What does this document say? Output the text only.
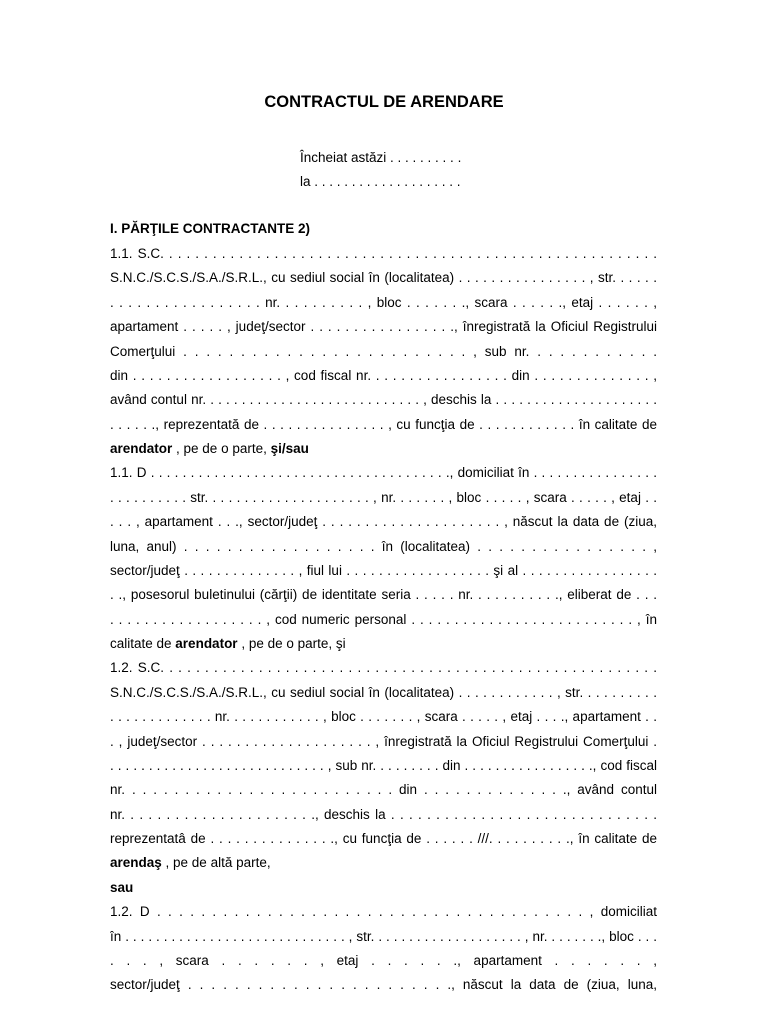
CONTRACTUL DE ARENDARE
Încheiat astăzi . . . . . . . . . .
la . . . . . . . . . . . . . . . . . . . .
I. PĂRŢILE CONTRACTANTE 2)
1.1. S.C. . . . . . . . . . . . . . . . . . . . . . . . . . . . . . . . . . . . . . . . . . . . . . . . . . . . . . . . .
S.N.C./S.C.S./S.A./S.R.L., cu sediul social în (localitatea) . . . . . . . . . . . . . . . . , str. . . . . .
. . . . . . . . . . . . . . . . . nr. . . . . . . . . . , bloc . . . . . . ., scara . . . . . ., etaj . . . . . . ,
apartament . . . . . , judeţ/sector . . . . . . . . . . . . . . . . ., înregistrată la Oficiul Registrului
Comerţului . . . . . . . . . . . . . . . . . . . . . . . . . , sub nr. . . . . . . . . . . .
din . . . . . . . . . . . . . . . . . . , cod fiscal nr. . . . . . . . . . . . . . . . . din . . . . . . . . . . . . . . ,
având contul nr. . . . . . . . . . . . . . . . . . . . . . . . . . . . , deschis la . . . . . . . . . . . . . . . . . . . . .
. . . . . ., reprezentată de . . . . . . . . . . . . . . . , cu funcţia de . . . . . . . . . . . . în calitate de
arendator , pe de o parte, şi/sau
1.1. D . . . . . . . . . . . . . . . . . . . . . . . . . . . . . . . . . . . . . ., domiciliat în . . . . . . . . . . . . . . . .
. . . . . . . . . . str. . . . . . . . . . . . . . . . . . . . . , nr. . . . . . . , bloc . . . . . , scara . . . . . , etaj . .
. . . , apartament . . ., sector/judeţ . . . . . . . . . . . . . . . . . . . . . , născut la data de (ziua,
luna, anul) . . . . . . . . . . . . . . . . . . în (localitatea) . . . . . . . . . . . . . . . . ,
sector/judeţ . . . . . . . . . . . . . . , fiul lui . . . . . . . . . . . . . . . . . . şi al . . . . . . . . . . . . . . . . .
. ., posesorul buletinului (cărţii) de identitate seria . . . . . nr. . . . . . . . . . ., eliberat de . . .
. . . . . . . . . . . . . . . . . . , cod numeric personal . . . . . . . . . . . . . . . . . . . . . . . . . . , în
calitate de arendator , pe de o parte, şi
1.2. S.C. . . . . . . . . . . . . . . . . . . . . . . . . . . . . . . . . . . . . . . . . . . . . . . . . . . . . . . .
S.N.C./S.C.S./S.A./S.R.L., cu sediul social în (localitatea) . . . . . . . . . . . . , str. . . . . . . . . .
. . . . . . . . . . . . . nr. . . . . . . . . . . . , bloc . . . . . . . , scara . . . . . , etaj . . . ., apartament . .
. , judeţ/sector . . . . . . . . . . . . . . . . . . . . , înregistrată la Oficiul Registrului Comerţului .
. . . . . . . . . . . . . . . . . . . . . . . . . . . . , sub nr. . . . . . . . . din . . . . . . . . . . . . . . . . ., cod fiscal
nr. . . . . . . . . . . . . . . . . . . . . . . . . . din . . . . . . . . . . . . . ., având contul
nr. . . . . . . . . . . . . . . . . . . . . ., deschis la . . . . . . . . . . . . . . . . . . . . . . . . . . . . . .
reprezentatâ de . . . . . . . . . . . . . . ., cu funcţia de . . . . . . ///. . . . . . . . . ., în calitate de
arendaş , pe de altă parte,
sau
1.2. D . . . . . . . . . . . . . . . . . . . . . . . . . . . . . . . . . . . . . . . , domiciliat
în . . . . . . . . . . . . . . . . . . . . . . . . . . . . . , str. . . . . . . . . . . . . . . . . . . . , nr. . . . . . . ., bloc . . .
. . . , scara . . . . . . , etaj . . . . . ., apartament . . . . . . ,
sector/judeţ . . . . . . . . . . . . . . . . . . . . . . ., născut la data de (ziua, luna,
